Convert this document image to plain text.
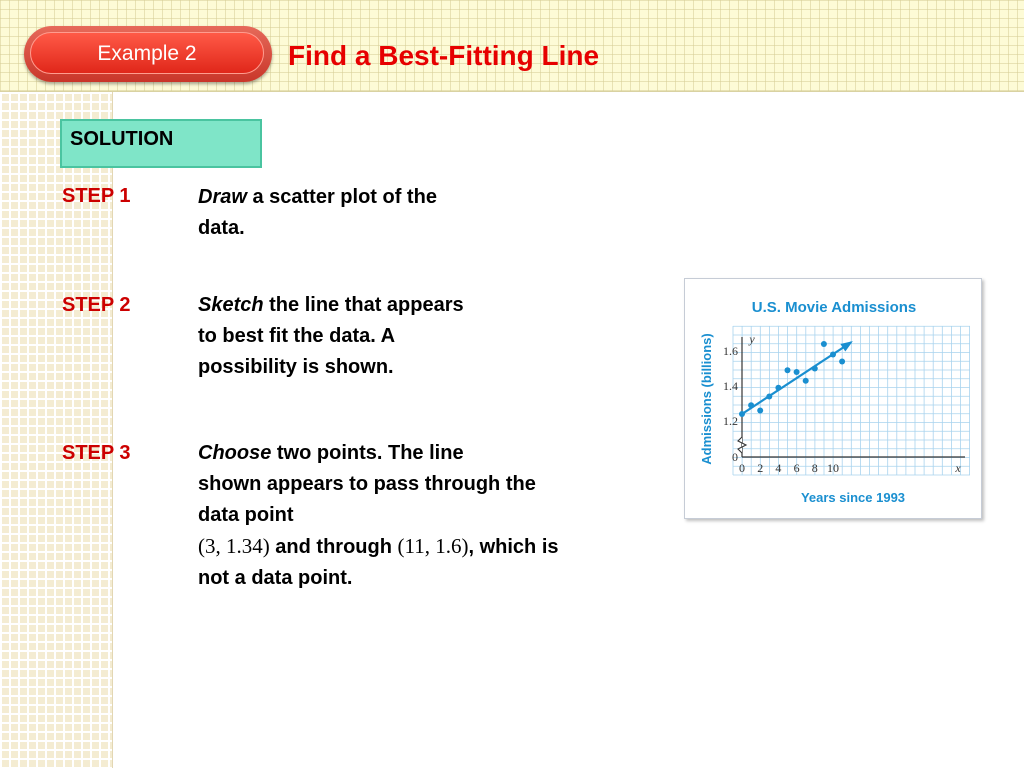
Example 2	Find a Best-Fitting Line
SOLUTION
STEP 1	Draw a scatter plot of the
data.
STEP 2	Sketch the line that appears
to best fit the data. A
possibility is shown.
STEP 3	Choose two points. The line
shown appears to pass through the
data point
(3, 1.34) and through (11, 1.6), which is
not a data point.
U.S. Movie Admissions
Admissions (billions)
Years since 1993
0 2 4 6 8 10
0
1.2
1.4
1.6
x
y
